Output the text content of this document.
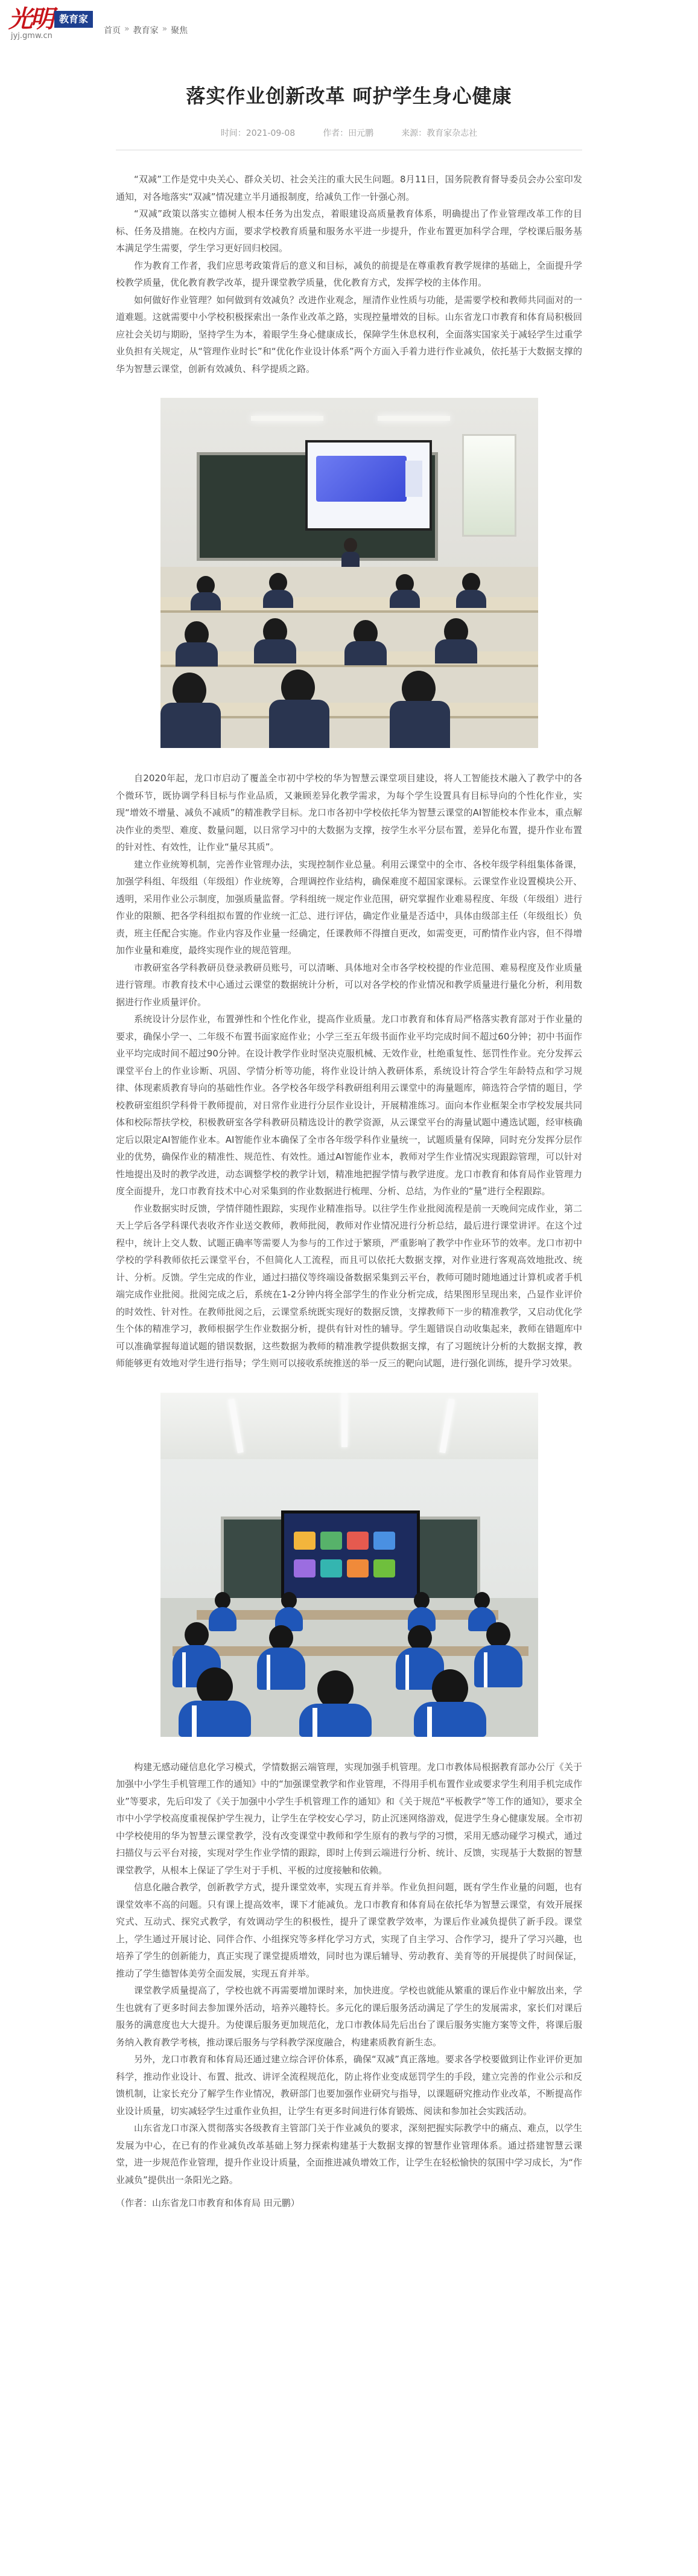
光明 教育家
jyj.gmw.cn
首页 » 教育家 » 聚焦
落实作业创新改革 呵护学生身心健康
时间：2021-09-08	作者：田元鹏	来源：教育家杂志社

“双减”工作是党中央关心、群众关切、社会关注的重大民生问题。8月11日，国务院教育督导委员会办公室印发通知，对各地落实“双减”情况建立半月通报制度，给减负工作一针强心剂。

“双减”政策以落实立德树人根本任务为出发点，着眼建设高质量教育体系，明确提出了作业管理改革工作的目标、任务及措施。在校内方面，要求学校教育质量和服务水平进一步提升，作业布置更加科学合理，学校课后服务基本满足学生需要，学生学习更好回归校园。

作为教育工作者，我们应思考政策背后的意义和目标，减负的前提是在尊重教育教学规律的基础上，全面提升学校教学质量，优化教育教学改革，提升课堂教学质量，优化教育方式，发挥学校的主体作用。

如何做好作业管理？如何做到有效减负？改进作业观念，厘清作业性质与功能，是需要学校和教师共同面对的一道难题。这就需要中小学校积极探索出一条作业改革之路，实现控量增效的目标。山东省龙口市教育和体育局积极回应社会关切与期盼，坚持学生为本，着眼学生身心健康成长，保障学生休息权利，全面落实国家关于减轻学生过重学业负担有关规定，从“管理作业时长”和“优化作业设计体系”两个方面入手着力进行作业减负，依托基于大数据支撑的华为智慧云课堂，创新有效减负、科学提质之路。

自2020年起，龙口市启动了覆盖全市初中学校的华为智慧云课堂项目建设，将人工智能技术融入了教学中的各个微环节，既协调学科目标与作业品质，又兼顾差异化教学需求，为每个学生设置具有目标导向的个性化作业，实现“增效不增量、减负不减质”的精准教学目标。龙口市各初中学校依托华为智慧云课堂的AI智能校本作业本，重点解决作业的类型、难度、数量问题，以日常学习中的大数据为支撑，按学生水平分层布置，差异化布置，提升作业布置的针对性、有效性，让作业“量尽其质”。

建立作业统筹机制，完善作业管理办法，实现控制作业总量。利用云课堂中的全市、各校年级学科组集体备课，加强学科组、年级组（年级组）作业统筹，合理调控作业结构，确保难度不超国家课标。云课堂作业设置模块公开、透明，采用作业公示制度，加强质量监督。学科组统一规定作业范围，研究掌握作业难易程度、年级（年级组）进行作业的限额、把各学科组拟布置的作业统一汇总、进行评估，确定作业量是否适中，具体由级部主任（年级组长）负责，班主任配合实施。作业内容及作业量一经确定，任课教师不得擅自更改，如需变更，可酌情作业内容，但不得增加作业量和难度，最终实现作业的规范管理。

市教研室各学科教研员登录教研员账号，可以清晰、具体地对全市各学校校提的作业范围、难易程度及作业质量进行管理。市教育技术中心通过云课堂的数据统计分析，可以对各学校的作业情况和教学质量进行量化分析，利用数据进行作业质量评价。

系统设计分层作业，布置弹性和个性化作业，提高作业质量。龙口市教育和体育局严格落实教育部对于作业量的要求，确保小学一、二年级不布置书面家庭作业；小学三至五年级书面作业平均完成时间不超过60分钟；初中书面作业平均完成时间不超过90分钟。在设计教学作业时坚决克服机械、无效作业，杜绝重复性、惩罚性作业。充分发挥云课堂平台上的作业诊断、巩固、学情分析等功能，将作业设计纳入教研体系，系统设计符合学生年龄特点和学习规律、体现素质教育导向的基础性作业。各学校各年级学科教研组利用云课堂中的海量题库，筛选符合学情的题目，学校教研室组织学科骨干教师提前，对日常作业进行分层作业设计，开展精准练习。面向本作业框架全市学校发展共同体和校际帮扶学校，积极教研室各学科教研员精选设计的教学资源，从云课堂平台的海量试题中遴选试题，经审核确定后以限定AI智能作业本。AI智能作业本确保了全市各年级学科作业量统一，试题质量有保障，同时充分发挥分层作业的优势，确保作业的精准性、规范性、有效性。通过AI智能作业本，教师对学生作业情况实现跟踪管理，可以针对性地提出及时的教学改进，动态调整学校的教学计划，精准地把握学情与教学进度。龙口市教育和体育局作业管理力度全面提升，龙口市教育技术中心对采集到的作业数据进行梳理、分析、总结，为作业的“量”进行全程跟踪。

作业数据实时反馈，学情伴随性跟踪，实现作业精准指导。以往学生作业批阅流程是前一天晚间完成作业，第二天上学后各学科课代表收齐作业送交教师，教师批阅，教师对作业情况进行分析总结，最后进行课堂讲评。在这个过程中，统计上交人数、试题正确率等需要人为参与的工作过于繁琐，严重影响了教学中作业环节的效率。龙口市初中学校的学科教师依托云课堂平台，不但简化人工流程，而且可以依托大数据支撑，对作业进行客观高效地批改、统计、分析。反馈。学生完成的作业，通过扫描仪等终端设备数据采集到云平台，教师可随时随地通过计算机或者手机端完成作业批阅。批阅完成之后，系统在1-2分钟内将全部学生的作业分析完成，结果图形呈现出来，凸显作业评价的时效性、针对性。在教师批阅之后，云课堂系统既实现好的数据反馈，支撑教师下一步的精准教学，又启动优化学生个体的精准学习，教师根据学生作业数据分析，提供有针对性的辅导。学生题错误自动收集起来，教师在错题库中可以准确掌握每道试题的错误数据，这些数据为教师的精准教学提供数据支撑，有了习题统计分析的大数据支撑，教师能够更有效地对学生进行指导；学生则可以接收系统推送的举一反三的靶向试题，进行强化训练，提升学习效果。

构建无感动碰信息化学习模式，学情数据云端管理，实现加强手机管理。龙口市教体局根据教育部办公厅《关于加强中小学生手机管理工作的通知》中的“加强课堂教学和作业管理，不得用手机布置作业或要求学生利用手机完成作业”等要求，先后印发了《关于加强中小学生手机管理工作的通知》和《关于规范“平板教学”等工作的通知》，要求全市中小学学校高度重视保护学生视力，让学生在学校安心学习，防止沉迷网络游戏，促进学生身心健康发展。全市初中学校使用的华为智慧云课堂教学，没有改变课堂中教师和学生原有的教与学的习惯，采用无感动碰学习模式，通过扫描仪与云平台对接，实现对学生作业学情的跟踪，即时上传到云端进行分析、统计、反馈，实现基于大数据的智慧课堂教学，从根本上保证了学生对于手机、平板的过度接触和依赖。

信息化融合教学，创新教学方式，提升课堂效率，实现五育并举。作业负担问题，既有学生作业量的问题，也有课堂效率不高的问题。只有课上提高效率，课下才能减负。龙口市教育和体育局在依托华为智慧云课堂，有效开展探究式、互动式、探究式教学，有效调动学生的积极性，提升了课堂教学效率，为课后作业减负提供了新手段。课堂上，学生通过开展讨论、同伴合作、小组探究等多样化学习方式，实现了自主学习、合作学习，提升了学习兴趣，也培养了学生的创新能力，真正实现了课堂提质增效，同时也为课后辅导、劳动教育、美育等的开展提供了时间保证，推动了学生德智体美劳全面发展，实现五育并举。

课堂教学质量提高了，学校也就不再需要增加课时来，加快进度。学校也就能从繁重的课后作业中解放出来，学生也就有了更多时间去参加课外活动，培养兴趣特长。多元化的课后服务活动满足了学生的发展需求，家长们对课后服务的满意度也大大提升。为使课后服务更加规范化，龙口市教体局先后出台了课后服务实施方案等文件，将课后服务纳入教育教学考核，推动课后服务与学科教学深度融合，构建素质教育新生态。

另外，龙口市教育和体育局还通过建立综合评价体系，确保“双减”真正落地。要求各学校要做到让作业评价更加科学，推动作业设计、布置、批改、讲评全流程规范化，防止将作业变成惩罚学生的手段，建立完善的作业公示和反馈机制，让家长充分了解学生作业情况，教研部门也要加强作业研究与指导，以课题研究推动作业改革，不断提高作业设计质量，切实减轻学生过重作业负担，让学生有更多时间进行体育锻炼、阅读和参加社会实践活动。

山东省龙口市深入贯彻落实各级教育主管部门关于作业减负的要求，深刻把握实际教学中的痛点、难点，以学生发展为中心，在已有的作业减负改革基础上努力探索构建基于大数据支撑的智慧作业管理体系。通过搭建智慧云课堂，进一步规范作业管理，提升作业设计质量，全面推进减负增效工作，让学生在轻松愉快的氛围中学习成长，为“作业减负”提供出一条阳光之路。

（作者：山东省龙口市教育和体育局 田元鹏）
